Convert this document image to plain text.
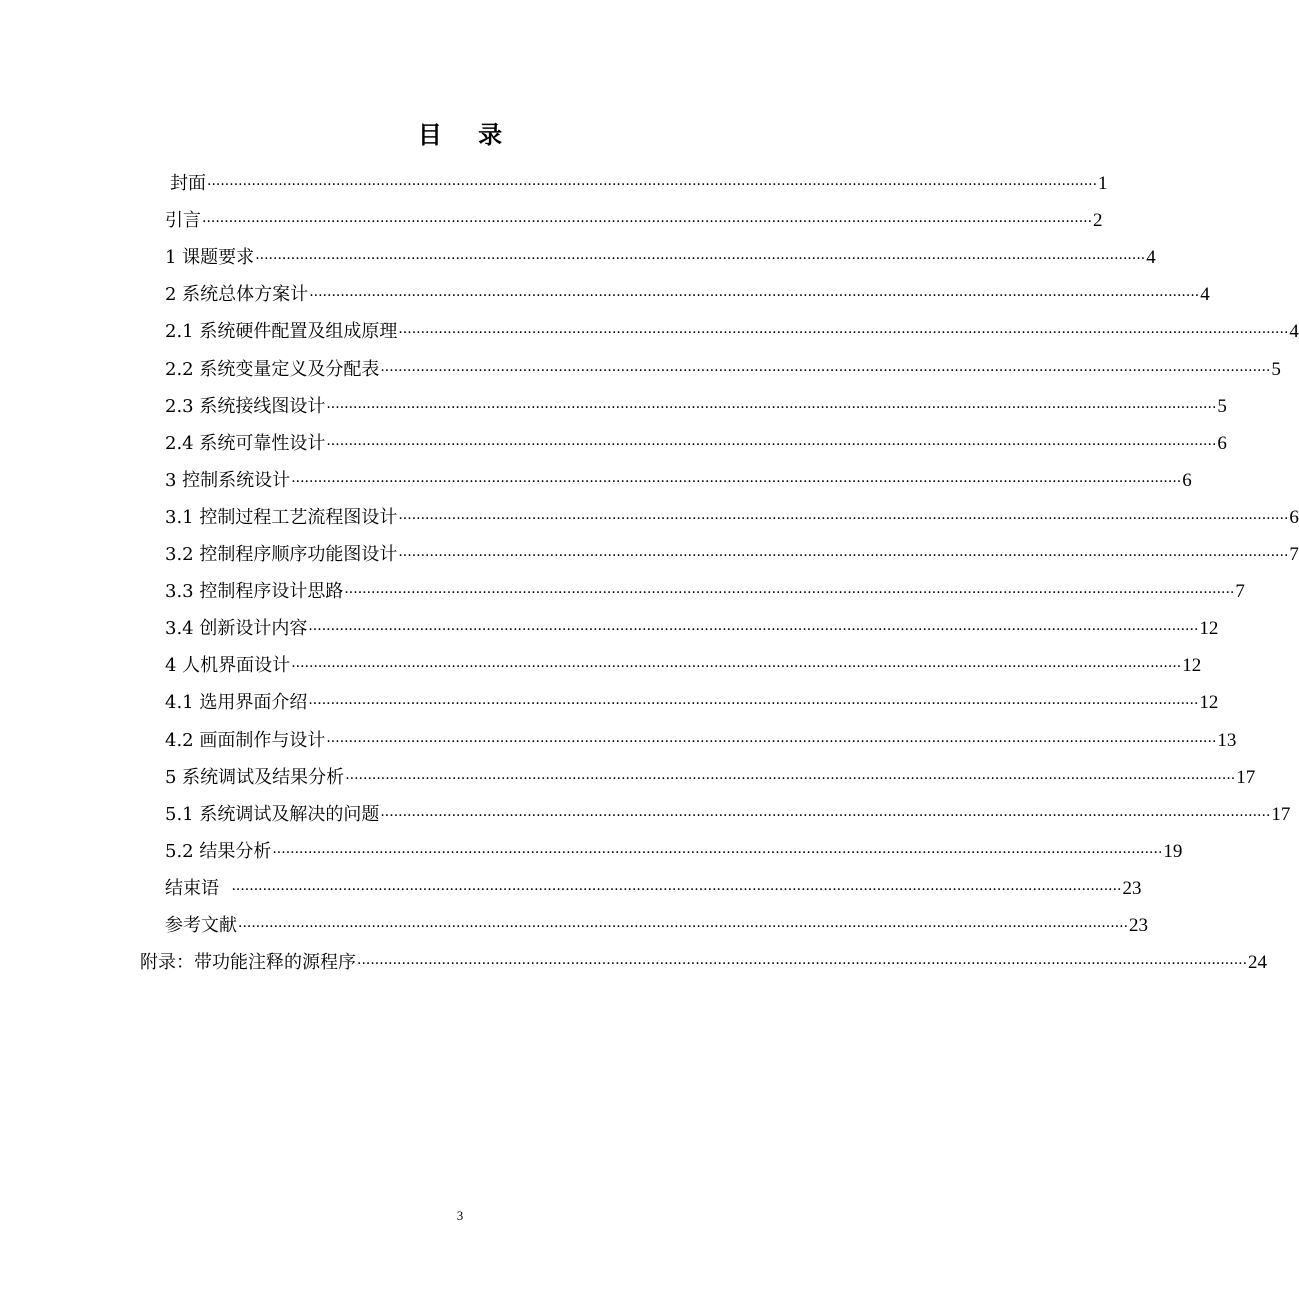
目 录
封面 ········································································································································································································ 1
引言 ········································································································································································································ 2
1 课题要求 ········································································································································································································ 4
2 系统总体方案计 ········································································································································································································ 4
2.1 系统硬件配置及组成原理 ········································································································································································································ 4
2.2 系统变量定义及分配表 ········································································································································································································ 5
2.3 系统接线图设计 ········································································································································································································ 5
2.4 系统可靠性设计 ········································································································································································································ 6
3 控制系统设计 ········································································································································································································ 6
3.1 控制过程工艺流程图设计 ········································································································································································································ 6
3.2 控制程序顺序功能图设计 ········································································································································································································ 7
3.3 控制程序设计思路 ········································································································································································································ 7
3.4 创新设计内容 ········································································································································································································ 12
4 人机界面设计 ········································································································································································································ 12
4.1 选用界面介绍 ········································································································································································································ 12
4.2 画面制作与设计 ········································································································································································································ 13
5 系统调试及结果分析 ········································································································································································································ 17
5.1 系统调试及解决的问题 ········································································································································································································ 17
5.2 结果分析 ········································································································································································································ 19
结束语 ········································································································································································································ 23
参考文献 ········································································································································································································ 23
附录：带功能注释的源程序 ········································································································································································································ 24
3
